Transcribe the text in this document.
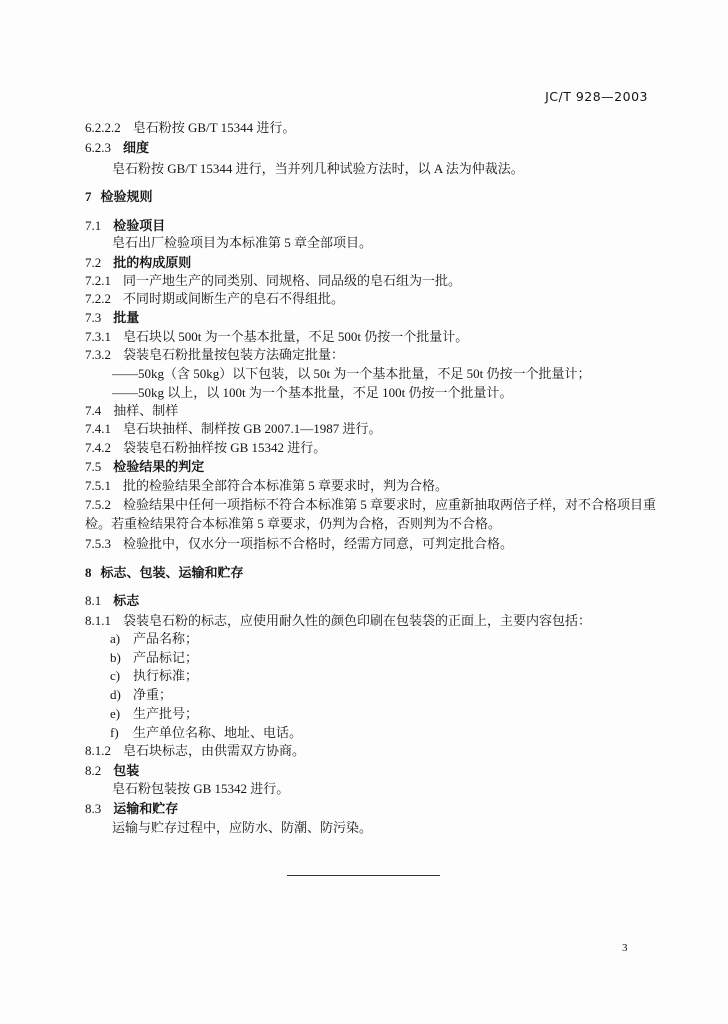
JC/T 928—2003
6.2.2.2 皂石粉按 GB/T 15344 进行。
6.2.3 细度
皂石粉按 GB/T 15344 进行，当并列几种试验方法时，以 A 法为仲裁法。
7 检验规则
7.1 检验项目
皂石出厂检验项目为本标准第 5 章全部项目。
7.2 批的构成原则
7.2.1 同一产地生产的同类别、同规格、同品级的皂石组为一批。
7.2.2 不同时期或间断生产的皂石不得组批。
7.3 批量
7.3.1 皂石块以 500t 为一个基本批量，不足 500t 仍按一个批量计。
7.3.2 袋装皂石粉批量按包装方法确定批量：
——50kg（含 50kg）以下包装，以 50t 为一个基本批量，不足 50t 仍按一个批量计；
——50kg 以上，以 100t 为一个基本批量，不足 100t 仍按一个批量计。
7.4 抽样、制样
7.4.1 皂石块抽样、制样按 GB 2007.1—1987 进行。
7.4.2 袋装皂石粉抽样按 GB 15342 进行。
7.5 检验结果的判定
7.5.1 批的检验结果全部符合本标准第 5 章要求时，判为合格。
7.5.2 检验结果中任何一项指标不符合本标准第 5 章要求时，应重新抽取两倍子样，对不合格项目重
检。若重检结果符合本标准第 5 章要求，仍判为合格，否则判为不合格。
7.5.3 检验批中，仅水分一项指标不合格时，经需方同意，可判定批合格。
8 标志、包装、运输和贮存
8.1 标志
8.1.1 袋装皂石粉的标志，应使用耐久性的颜色印刷在包装袋的正面上，主要内容包括：
a) 产品名称；
b) 产品标记；
c) 执行标准；
d) 净重；
e) 生产批号；
f) 生产单位名称、地址、电话。
8.1.2 皂石块标志，由供需双方协商。
8.2 包装
皂石粉包装按 GB 15342 进行。
8.3 运输和贮存
运输与贮存过程中，应防水、防潮、防污染。
3
